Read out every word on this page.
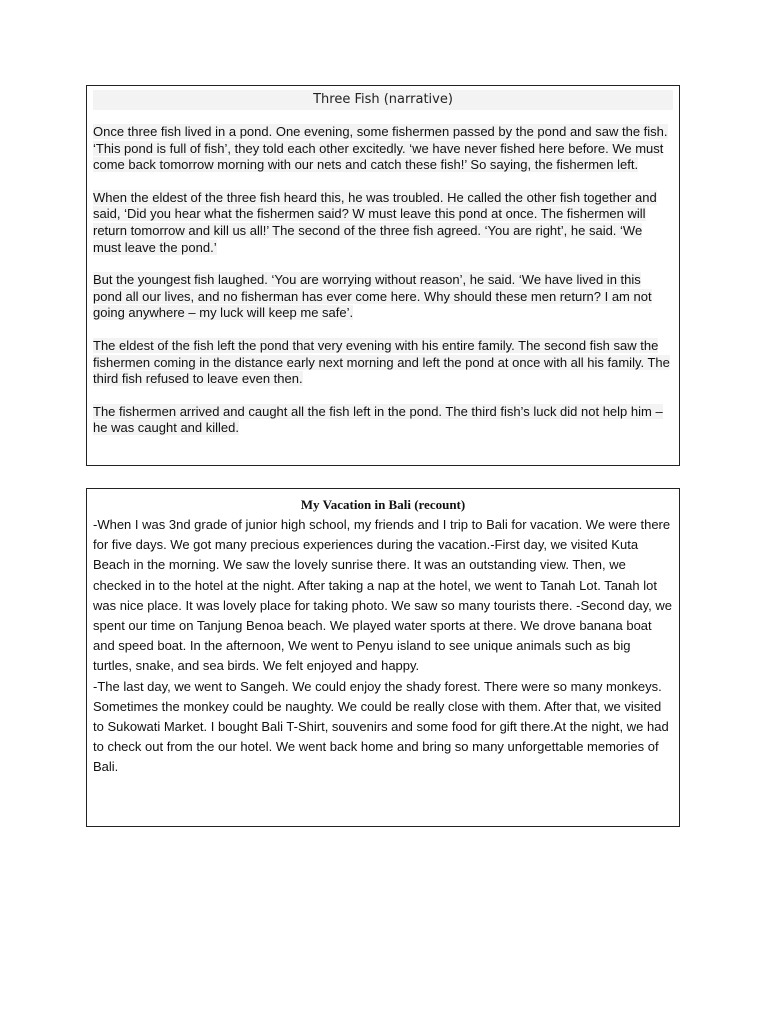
Three Fish (narrative)

Once three fish lived in a pond. One evening, some fishermen passed by the pond and saw the fish. ‘This pond is full of fish’, they told each other excitedly. ‘we have never fished here before. We must come back tomorrow morning with our nets and catch these fish!’ So saying, the fishermen left.

When the eldest of the three fish heard this, he was troubled. He called the other fish together and said, ‘Did you hear what the fishermen said? W must leave this pond at once. The fishermen will return tomorrow and kill us all!’ The second of the three fish agreed. ‘You are right’, he said. ‘We must leave the pond.’

But the youngest fish laughed. ‘You are worrying without reason’, he said. ‘We have lived in this pond all our lives, and no fisherman has ever come here. Why should these men return? I am not going anywhere – my luck will keep me safe’.

The eldest of the fish left the pond that very evening with his entire family. The second fish saw the fishermen coming in the distance early next morning and left the pond at once with all his family. The third fish refused to leave even then.

The fishermen arrived and caught all the fish left in the pond. The third fish’s luck did not help him – he was caught and killed.

My Vacation in Bali (recount)

-When I was 3nd grade of junior high school, my friends and I trip to Bali for vacation. We were there for five days. We got many precious experiences during the vacation.-First day, we visited Kuta Beach in the morning. We saw the lovely sunrise there. It was an outstanding view. Then, we checked in to the hotel at the night. After taking a nap at the hotel, we went to Tanah Lot. Tanah lot was nice place. It was lovely place for taking photo. We saw so many tourists there. -Second day, we spent our time on Tanjung Benoa beach. We played water sports at there. We drove banana boat and speed boat. In the afternoon, We went to Penyu island to see unique animals such as big turtles, snake, and sea birds. We felt enjoyed and happy.

-The last day, we went to Sangeh. We could enjoy the shady forest. There were so many monkeys. Sometimes the monkey could be naughty. We could be really close with them. After that, we visited to Sukowati Market. I bought Bali T-Shirt, souvenirs and some food for gift there.At the night, we had to check out from the our hotel. We went back home and bring so many unforgettable memories of Bali.
